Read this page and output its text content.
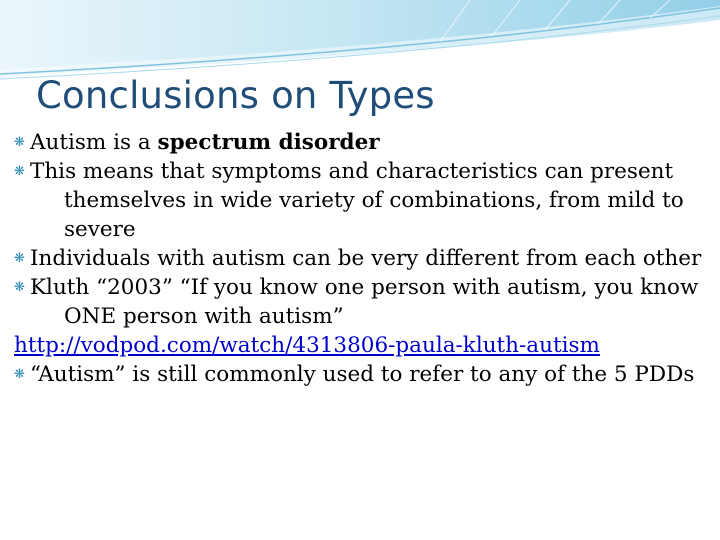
Conclusions on Types
❋ Autism is a spectrum disorder
❋ This means that symptoms and characteristics can present themselves in wide variety of combinations, from mild to severe
❋ Individuals with autism can be very different from each other
❋ Kluth “2003” “If you know one person with autism, you know ONE person with autism”
http://vodpod.com/watch/4313806-paula-kluth-autism
❋ “Autism” is still commonly used to refer to any of the 5 PDDs
